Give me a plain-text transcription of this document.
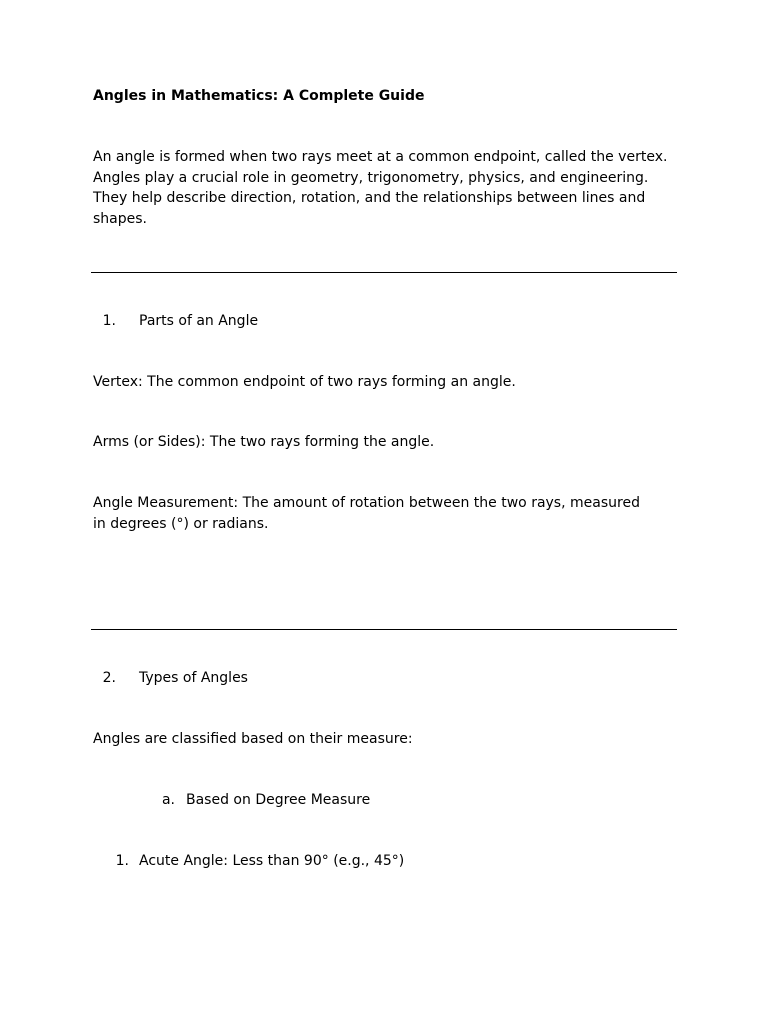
Angles in Mathematics: A Complete Guide

An angle is formed when two rays meet at a common endpoint, called the vertex. Angles play a crucial role in geometry, trigonometry, physics, and engineering. They help describe direction, rotation, and the relationships between lines and shapes.

1. Parts of an Angle

Vertex: The common endpoint of two rays forming an angle.

Arms (or Sides): The two rays forming the angle.

Angle Measurement: The amount of rotation between the two rays, measured in degrees (°) or radians.

2. Types of Angles

Angles are classified based on their measure:

a. Based on Degree Measure
1. Acute Angle: Less than 90° (e.g., 45°)
